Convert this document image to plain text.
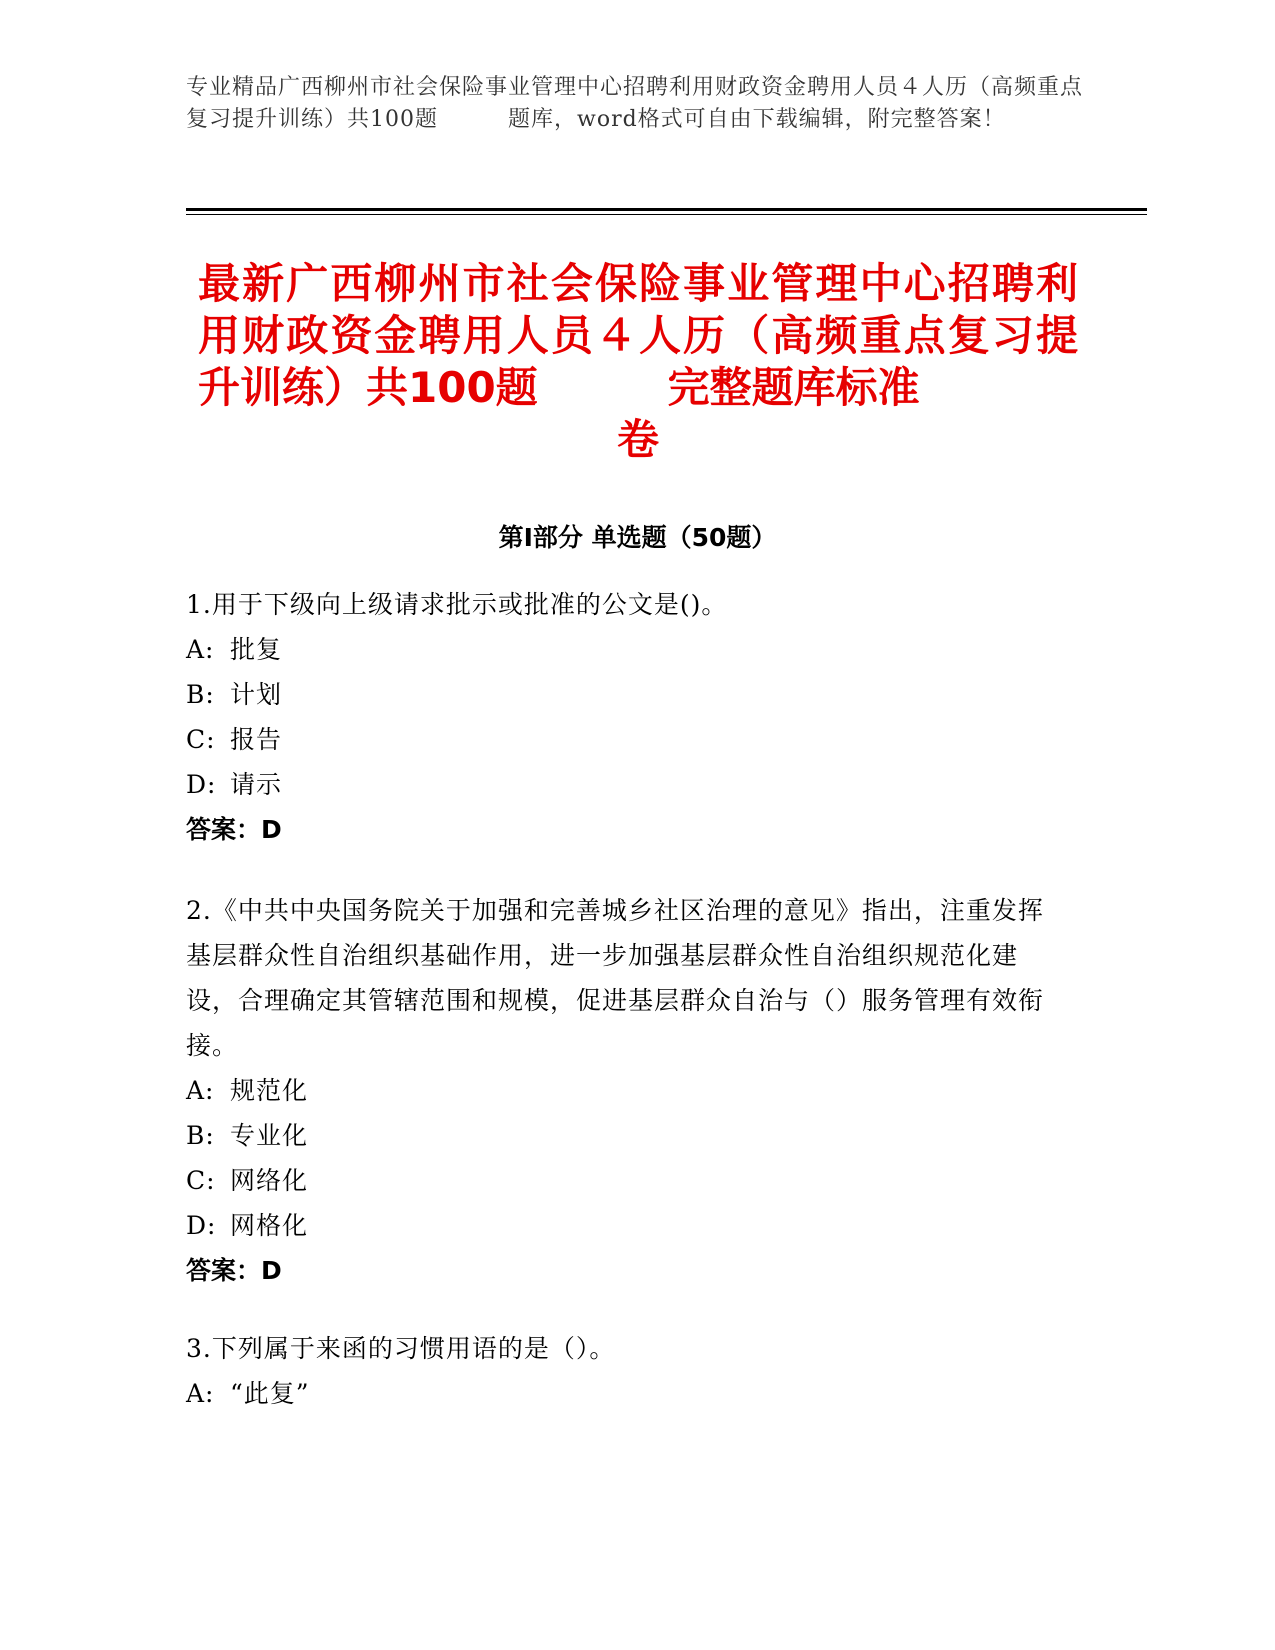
专业精品广西柳州市社会保险事业管理中心招聘利用财政资金聘用人员４人历（高频重点复习提升训练）共100题	题库，word格式可自由下载编辑，附完整答案！
最新广西柳州市社会保险事业管理中心招聘利用财政资金聘用人员４人历（高频重点复习提升训练）共100题	完整题库标准
卷
第Ⅰ部分 单选题（50题）

1.用于下级向上级请求批示或批准的公文是()。

A: 批复

B: 计划

C: 报告

D: 请示

答案：D

2.《中共中央国务院关于加强和完善城乡社区治理的意见》指出，注重发挥基层群众性自治组织基础作用，进一步加强基层群众性自治组织规范化建设，合理确定其管辖范围和规模，促进基层群众自治与（）服务管理有效衔接。

A: 规范化

B: 专业化

C: 网络化

D: 网格化

答案：D

3.下列属于来函的习惯用语的是（）。

A: “此复”
